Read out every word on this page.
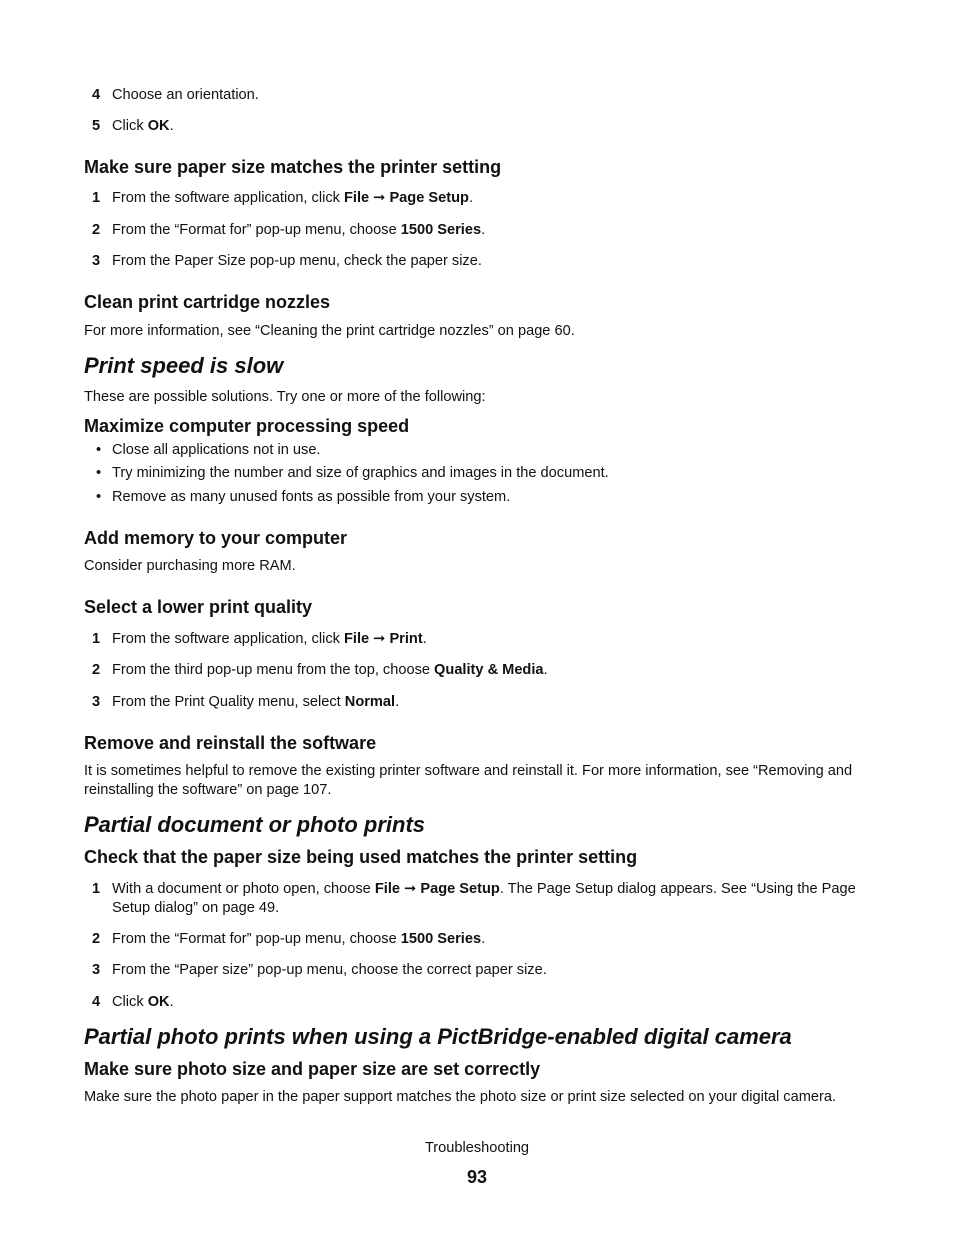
4 Choose an orientation.
5 Click OK.
Make sure paper size matches the printer setting
1 From the software application, click File ➞ Page Setup.
2 From the “Format for” pop-up menu, choose 1500 Series.
3 From the Paper Size pop-up menu, check the paper size.
Clean print cartridge nozzles
For more information, see “Cleaning the print cartridge nozzles” on page 60.
Print speed is slow
These are possible solutions. Try one or more of the following:
Maximize computer processing speed
• Close all applications not in use.
• Try minimizing the number and size of graphics and images in the document.
• Remove as many unused fonts as possible from your system.
Add memory to your computer
Consider purchasing more RAM.
Select a lower print quality
1 From the software application, click File ➞ Print.
2 From the third pop-up menu from the top, choose Quality & Media.
3 From the Print Quality menu, select Normal.
Remove and reinstall the software
It is sometimes helpful to remove the existing printer software and reinstall it. For more information, see “Removing and reinstalling the software” on page 107.
Partial document or photo prints
Check that the paper size being used matches the printer setting
1 With a document or photo open, choose File ➞ Page Setup. The Page Setup dialog appears. See “Using the Page Setup dialog” on page 49.
2 From the “Format for” pop-up menu, choose 1500 Series.
3 From the “Paper size” pop-up menu, choose the correct paper size.
4 Click OK.
Partial photo prints when using a PictBridge-enabled digital camera
Make sure photo size and paper size are set correctly
Make sure the photo paper in the paper support matches the photo size or print size selected on your digital camera.
Troubleshooting
93
